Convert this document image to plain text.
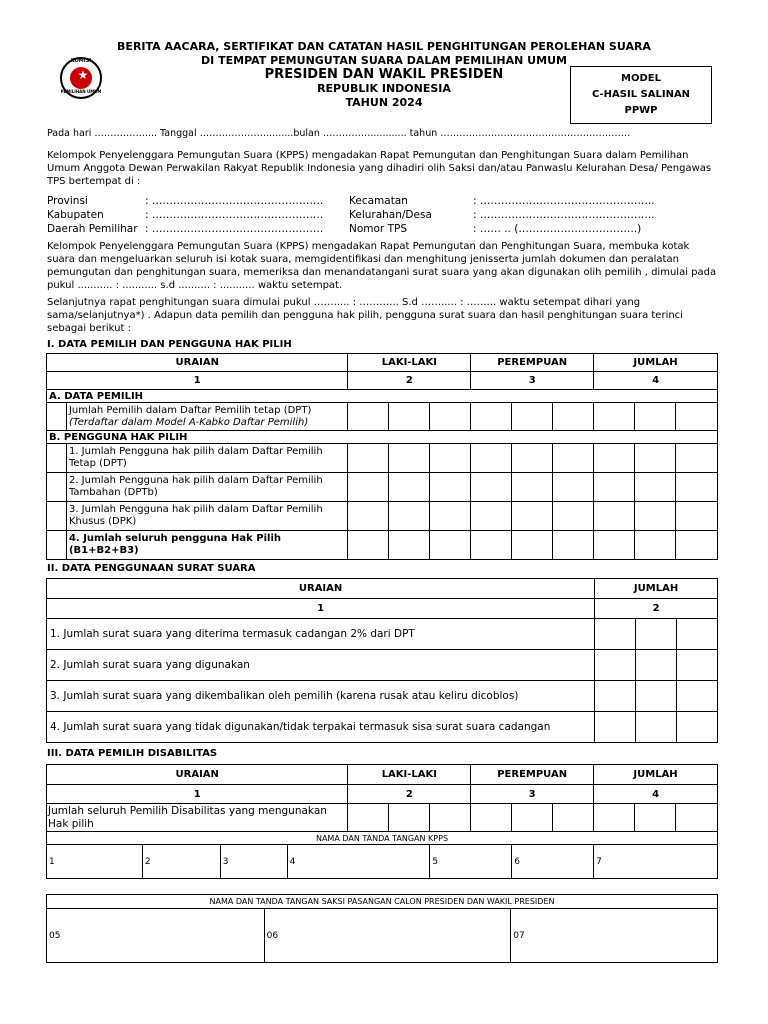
★
KOMISI
PEMILIHAN UMUM
BERITA AACARA, SERTIFIKAT DAN CATATAN HASIL PENGHITUNGAN PEROLEHAN SUARA
DI TEMPAT PEMUNGUTAN SUARA DALAM PEMILIHAN UMUM
PRESIDEN DAN WAKIL PRESIDEN
REPUBLIK INDONESIA
TAHUN 2024
MODEL
C-HASIL SALINAN
PPWP
Pada hari ……………..... Tanggal ………………….........bulan ……………............ tahun ……………………………………………………
Kelompok Penyelenggara Pemungutan Suara (KPPS) mengadakan Rapat Pemungutan dan Penghitungan Suara dalam Pemilihan Umum Anggota Dewan Perwakilan Rakyat Republik Indonesia yang dihadiri olih Saksi dan/atau Panwaslu Kelurahan Desa/ Pengawas TPS bertempat di :
Provinsi	: ………………………………………….
Kabupaten	: ………………………………………….
Daerah Pemilihar : ………………………………………….
Kecamatan	: …………………………………………..
Kelurahan/Desa	: …………………………………………..
Nomor TPS	: …… .. (…………………………….)
Kelompok Penyelenggara Pemungutan Suara (KPPS) mengadakan Rapat Pemungutan dan Penghitungan Suara, membuka kotak suara dan mengeluarkan seluruh isi kotak suara, memgidentifikasi dan menghitung jenisserta jumlah dokumen dan peralatan pemungutan dan penghitungan suara, memeriksa dan menandatangani surat suara yang akan digunakan olih pemilih , dimulai pada pukul ........... : ........... s.d .......... : ........... waktu setempat.
Selanjutnya rapat penghitungan suara dimulai pukul ……..... : ………... S.d ……..... : ……... waktu setempat dihari yang sama/selanjutnya*) . Adapun data pemilih dan pengguna hak pilih, pengguna surat suara dan hasil penghitungan suara terinci sebagai berikut :
I. DATA PEMILIH DAN PENGGUNA HAK PILIH
URAIAN		LAKI-LAKI			PEREMPUAN			JUMLAH		
1		2			3			4		
A. DATA PEMILIH										

	Jumlah Pemilih dalam Daftar Pemilih tetap (DPT)
(Terdaftar dalam Model A-Kabko Daftar Pemilih)									

B. PENGGUNA HAK PILIH										

	1. Jumlah Pengguna hak pilih dalam Daftar Pemilih
Tetap (DPT)									

	2. Jumlah Pengguna hak pilih dalam Daftar Pemilih
Tambahan (DPTb)									

	3. Jumlah Pengguna hak pilih dalam Daftar Pemilih
Khusus (DPK)									

	4. Jumlah seluruh pengguna Hak Pilih
(B1+B2+B3)									

II. DATA PENGGUNAAN SURAT SUARA
URAIAN	JUMLAH		
1	2		
1. Jumlah surat suara yang diterima termasuk cadangan 2% dari DPT			
2. Jumlah surat suara yang digunakan			
3. Jumlah surat suara yang dikembalikan oleh pemilih (karena rusak atau keliru dicoblos)			
4. Jumlah surat suara yang tidak digunakan/tidak terpakai termasuk sisa surat suara cadangan			
III. DATA PEMILIH DISABILITAS
URAIAN				LAKI-LAKI			PEREMPUAN			JUMLAH		
1				2			3			4		

Jumlah seluruh Pemilih Disabilitas yang mengunakan
Hak pilih												

NAMA DAN TANDA TANGAN KPPS												
1	2	3	4			5		6		7		
NAMA DAN TANDA TANGAN SAKSI PASANGAN CALON PRESIDEN DAN WAKIL PRESIDEN
05	06	07
